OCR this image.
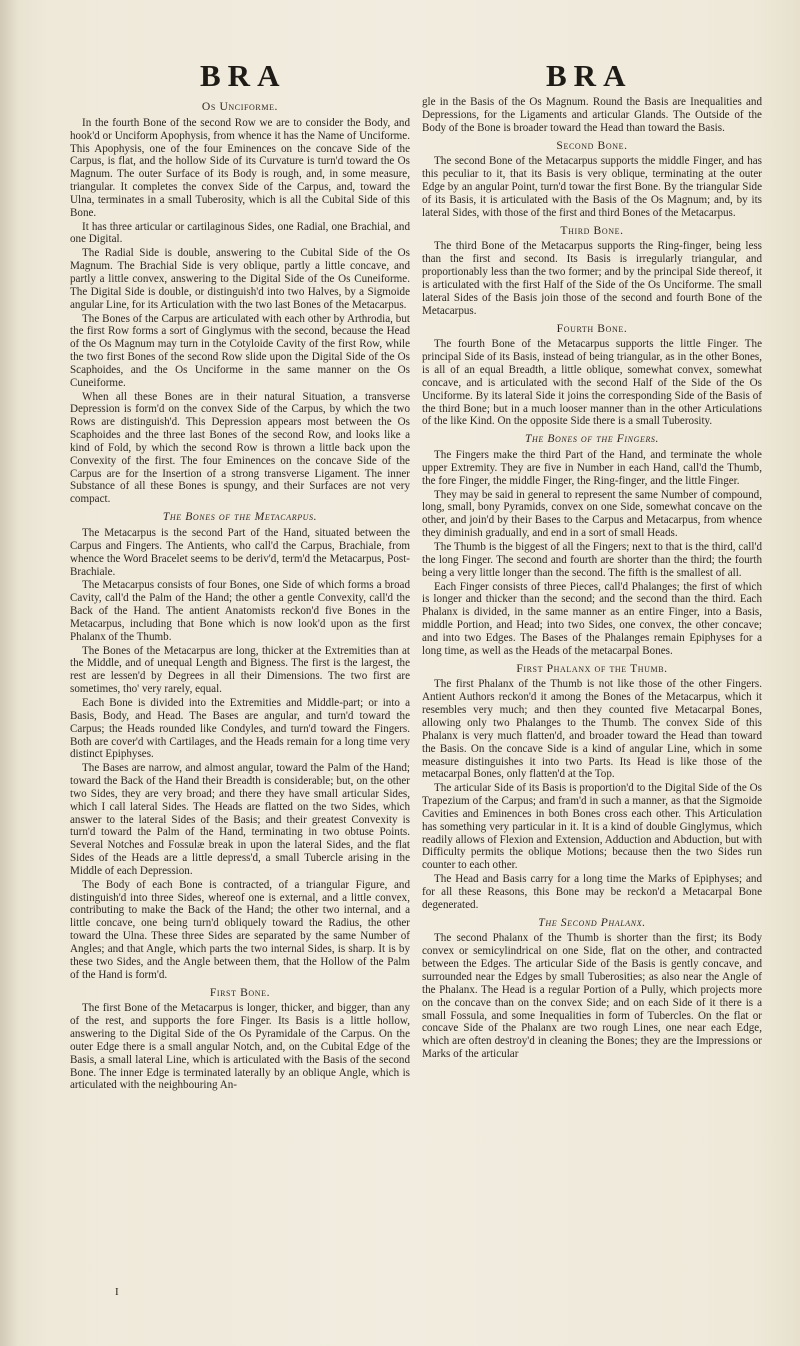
BRA	BRA
Os Unciforme.

In the fourth Bone of the second Row we are to consider the Body, and hook'd or Unciform Apophysis, from whence it has the Name of Unciforme. This Apophysis, one of the four Eminences on the concave Side of the Carpus, is flat, and the hollow Side of its Curvature is turn'd toward the Os Magnum. The outer Surface of its Body is rough, and, in some measure, triangular. It completes the convex Side of the Carpus, and, toward the Ulna, terminates in a small Tuberosity, which is all the Cubital Side of this Bone.

It has three articular or cartilaginous Sides, one Radial, one Brachial, and one Digital.

The Radial Side is double, answering to the Cubital Side of the Os Magnum. The Brachial Side is very oblique, partly a little concave, and partly a little convex, answering to the Digital Side of the Os Cuneiforme. The Digital Side is double, or distinguish'd into two Halves, by a Sigmoide angular Line, for its Articulation with the two last Bones of the Metacarpus.

The Bones of the Carpus are articulated with each other by Arthrodia, but the first Row forms a sort of Ginglymus with the second, because the Head of the Os Magnum may turn in the Cotyloide Cavity of the first Row, while the two first Bones of the second Row slide upon the Digital Side of the Os Scaphoides, and the Os Unciforme in the same manner on the Os Cuneiforme.

When all these Bones are in their natural Situation, a transverse Depression is form'd on the convex Side of the Carpus, by which the two Rows are distinguish'd. This Depression appears most between the Os Scaphoides and the three last Bones of the second Row, and looks like a kind of Fold, by which the second Row is thrown a little back upon the Convexity of the first. The four Eminences on the concave Side of the Carpus are for the Insertion of a strong transverse Ligament. The inner Substance of all these Bones is spungy, and their Surfaces are not very compact.

The Bones of the Metacarpus.

The Metacarpus is the second Part of the Hand, situated between the Carpus and Fingers. The Antients, who call'd the Carpus, Brachiale, from whence the Word Bracelet seems to be deriv'd, term'd the Metacarpus, Post-Brachiale.

The Metacarpus consists of four Bones, one Side of which forms a broad Cavity, call'd the Palm of the Hand; the other a gentle Convexity, call'd the Back of the Hand. The antient Anatomists reckon'd five Bones in the Metacarpus, including that Bone which is now look'd upon as the first Phalanx of the Thumb.

The Bones of the Metacarpus are long, thicker at the Extremities than at the Middle, and of unequal Length and Bigness. The first is the largest, the rest are lessen'd by Degrees in all their Dimensions. The two first are sometimes, tho' very rarely, equal.

Each Bone is divided into the Extremities and Middle-part; or into a Basis, Body, and Head. The Bases are angular, and turn'd toward the Carpus; the Heads rounded like Condyles, and turn'd toward the Fingers. Both are cover'd with Cartilages, and the Heads remain for a long time very distinct Epiphyses.

The Bases are narrow, and almost angular, toward the Palm of the Hand; toward the Back of the Hand their Breadth is considerable; but, on the other two Sides, they are very broad; and there they have small articular Sides, which I call lateral Sides. The Heads are flatted on the two Sides, which answer to the lateral Sides of the Basis; and their greatest Convexity is turn'd toward the Palm of the Hand, terminating in two obtuse Points. Several Notches and Fossulæ break in upon the lateral Sides, and the flat Sides of the Heads are a little depress'd, a small Tubercle arising in the Middle of each Depression.

The Body of each Bone is contracted, of a triangular Figure, and distinguish'd into three Sides, whereof one is external, and a little convex, contributing to make the Back of the Hand; the other two internal, and a little concave, one being turn'd obliquely toward the Radius, the other toward the Ulna. These three Sides are separated by the same Number of Angles; and that Angle, which parts the two internal Sides, is sharp. It is by these two Sides, and the Angle between them, that the Hollow of the Palm of the Hand is form'd.

First Bone.

The first Bone of the Metacarpus is longer, thicker, and bigger, than any of the rest, and supports the fore Finger. Its Basis is a little hollow, answering to the Digital Side of the Os Pyramidale of the Carpus. On the outer Edge there is a small angular Notch, and, on the Cubital Edge of the Basis, a small lateral Line, which is articulated with the Basis of the second Bone. The inner Edge is terminated laterally by an oblique Angle, which is articulated with the neighbouring An-

gle in the Basis of the Os Magnum. Round the Basis are Inequalities and Depressions, for the Ligaments and articular Glands. The Outside of the Body of the Bone is broader toward the Head than toward the Basis.

Second Bone.

The second Bone of the Metacarpus supports the middle Finger, and has this peculiar to it, that its Basis is very oblique, terminating at the outer Edge by an angular Point, turn'd towar the first Bone. By the triangular Side of its Basis, it is articulated with the Basis of the Os Magnum; and, by its lateral Sides, with those of the first and third Bones of the Metacarpus.

Third Bone.

The third Bone of the Metacarpus supports the Ring-finger, being less than the first and second. Its Basis is irregularly triangular, and proportionably less than the two former; and by the principal Side thereof, it is articulated with the first Half of the Side of the Os Unciforme. The small lateral Sides of the Basis join those of the second and fourth Bone of the Metacarpus.

Fourth Bone.

The fourth Bone of the Metacarpus supports the little Finger. The principal Side of its Basis, instead of being triangular, as in the other Bones, is all of an equal Breadth, a little oblique, somewhat convex, somewhat concave, and is articulated with the second Half of the Side of the Os Unciforme. By its lateral Side it joins the corresponding Side of the Basis of the third Bone; but in a much looser manner than in the other Articulations of the like Kind. On the opposite Side there is a small Tuberosity.

The Bones of the Fingers.

The Fingers make the third Part of the Hand, and terminate the whole upper Extremity. They are five in Number in each Hand, call'd the Thumb, the fore Finger, the middle Finger, the Ring-finger, and the little Finger.

They may be said in general to represent the same Number of compound, long, small, bony Pyramids, convex on one Side, somewhat concave on the other, and join'd by their Bases to the Carpus and Metacarpus, from whence they diminish gradually, and end in a sort of small Heads.

The Thumb is the biggest of all the Fingers; next to that is the third, call'd the long Finger. The second and fourth are shorter than the third; the fourth being a very little longer than the second. The fifth is the smallest of all.

Each Finger consists of three Pieces, call'd Phalanges; the first of which is longer and thicker than the second; and the second than the third. Each Phalanx is divided, in the same manner as an entire Finger, into a Basis, middle Portion, and Head; into two Sides, one convex, the other concave; and into two Edges. The Bases of the Phalanges remain Epiphyses for a long time, as well as the Heads of the metacarpal Bones.

First Phalanx of the Thumb.

The first Phalanx of the Thumb is not like those of the other Fingers. Antient Authors reckon'd it among the Bones of the Metacarpus, which it resembles very much; and then they counted five Metacarpal Bones, allowing only two Phalanges to the Thumb. The convex Side of this Phalanx is very much flatten'd, and broader toward the Head than toward the Basis. On the concave Side is a kind of angular Line, which in some measure distinguishes it into two Parts. Its Head is like those of the metacarpal Bones, only flatten'd at the Top.

The articular Side of its Basis is proportion'd to the Digital Side of the Os Trapezium of the Carpus; and fram'd in such a manner, as that the Sigmoide Cavities and Eminences in both Bones cross each other. This Articulation has something very particular in it. It is a kind of double Ginglymus, which readily allows of Flexion and Extension, Adduction and Abduction, but with Difficulty permits the oblique Motions; because then the two Sides run counter to each other.

The Head and Basis carry for a long time the Marks of Epiphyses; and for all these Reasons, this Bone may be reckon'd a Metacarpal Bone degenerated.

The Second Phalanx.

The second Phalanx of the Thumb is shorter than the first; its Body convex or semicylindrical on one Side, flat on the other, and contracted between the Edges. The articular Side of the Basis is gently concave, and surrounded near the Edges by small Tuberosities; as also near the Angle of the Phalanx. The Head is a regular Portion of a Pully, which projects more on the concave than on the convex Side; and on each Side of it there is a small Fossula, and some Inequalities in form of Tubercles. On the flat or concave Side of the Phalanx are two rough Lines, one near each Edge, which are often destroy'd in cleaning the Bones; they are the Impressions or Marks of the articular

I
